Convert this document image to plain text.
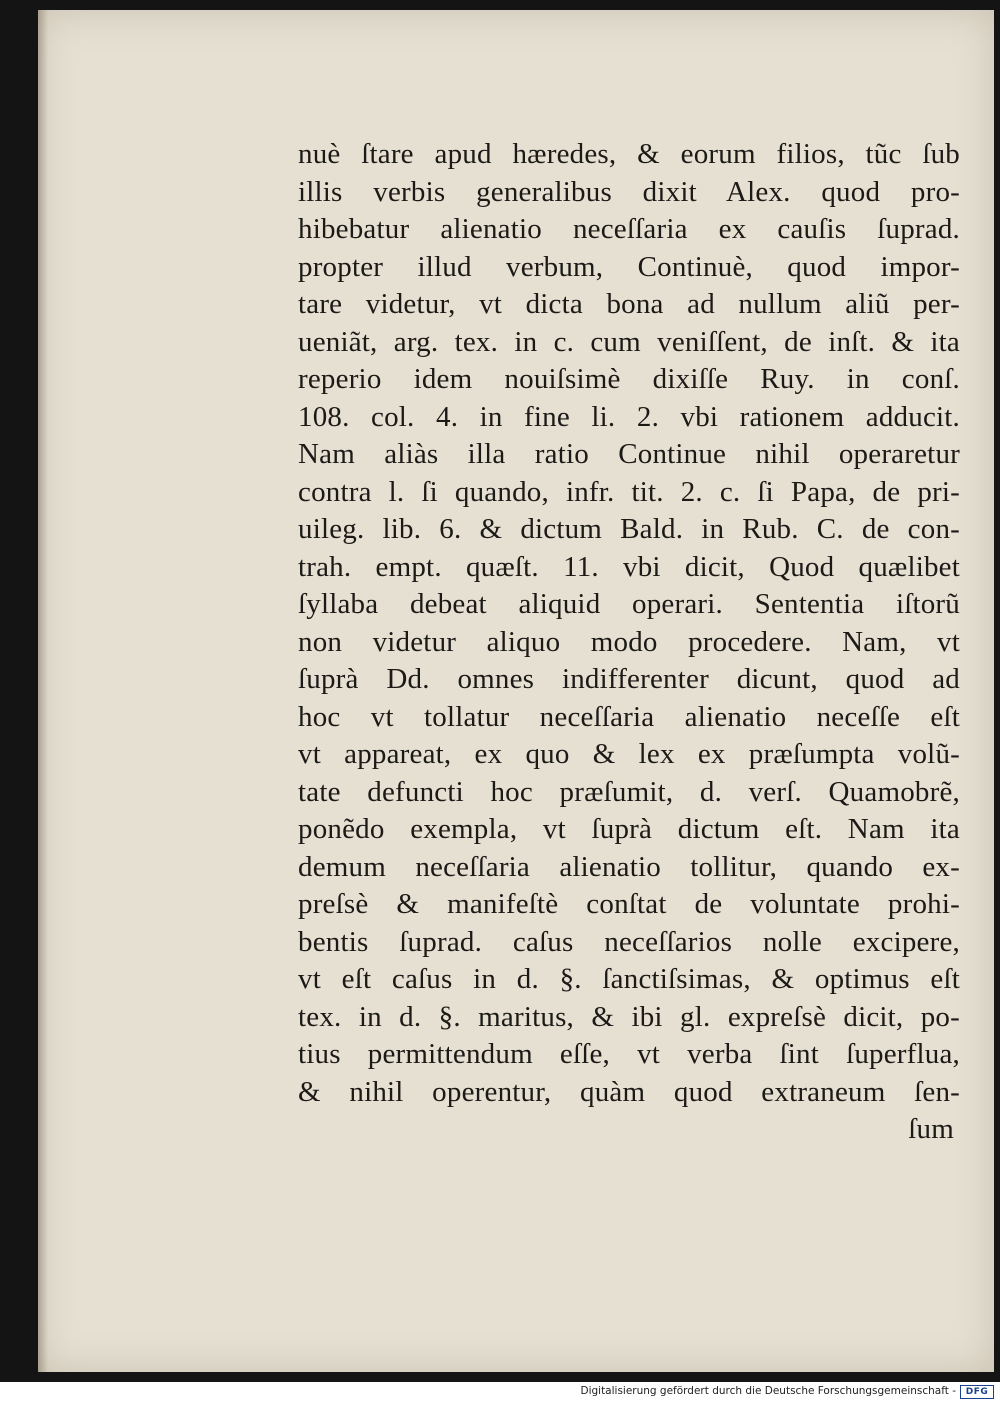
nuè ſtare apud hæredes, & eorum filios, tũc ſub
illis verbis generalibus dixit Alex. quod pro-
hibebatur alienatio neceſſaria ex cauſis ſuprad.
propter illud verbum, Continuè, quod impor-
tare videtur, vt dicta bona ad nullum aliũ per-
ueniãt, arg. tex. in c. cum veniſſent, de inſt. & ita
reperio idem nouiſsimè dixiſſe Ruy. in conſ.
108. col. 4. in fine li. 2. vbi rationem adducit.
Nam aliàs illa ratio Continue nihil operaretur
contra l. ſi quando, infr. tit. 2. c. ſi Papa, de pri-
uileg. lib. 6. & dictum Bald. in Rub. C. de con-
trah. empt. quæſt. 11. vbi dicit, Quod quælibet
ſyllaba debeat aliquid operari. Sententia iſtorũ
non videtur aliquo modo procedere. Nam, vt
ſuprà Dd. omnes indifferenter dicunt, quod ad
hoc vt tollatur neceſſaria alienatio neceſſe eſt
vt appareat, ex quo & lex ex præſumpta volũ-
tate defuncti hoc præſumit, d. verſ. Quamobrẽ,
ponẽdo exempla, vt ſuprà dictum eſt. Nam ita
demum neceſſaria alienatio tollitur, quando ex-
preſsè & manifeſtè conſtat de voluntate prohi-
bentis ſuprad. caſus neceſſarios nolle excipere,
vt eſt caſus in d. §. ſanctiſsimas, & optimus eſt
tex. in d. §. maritus, & ibi gl. expreſsè dicit, po-
tius permittendum eſſe, vt verba ſint ſuperflua,
& nihil operentur, quàm quod extraneum ſen-
ſum
Digitalisierung gefördert durch die Deutsche Forschungsgemeinschaft -	DFG
